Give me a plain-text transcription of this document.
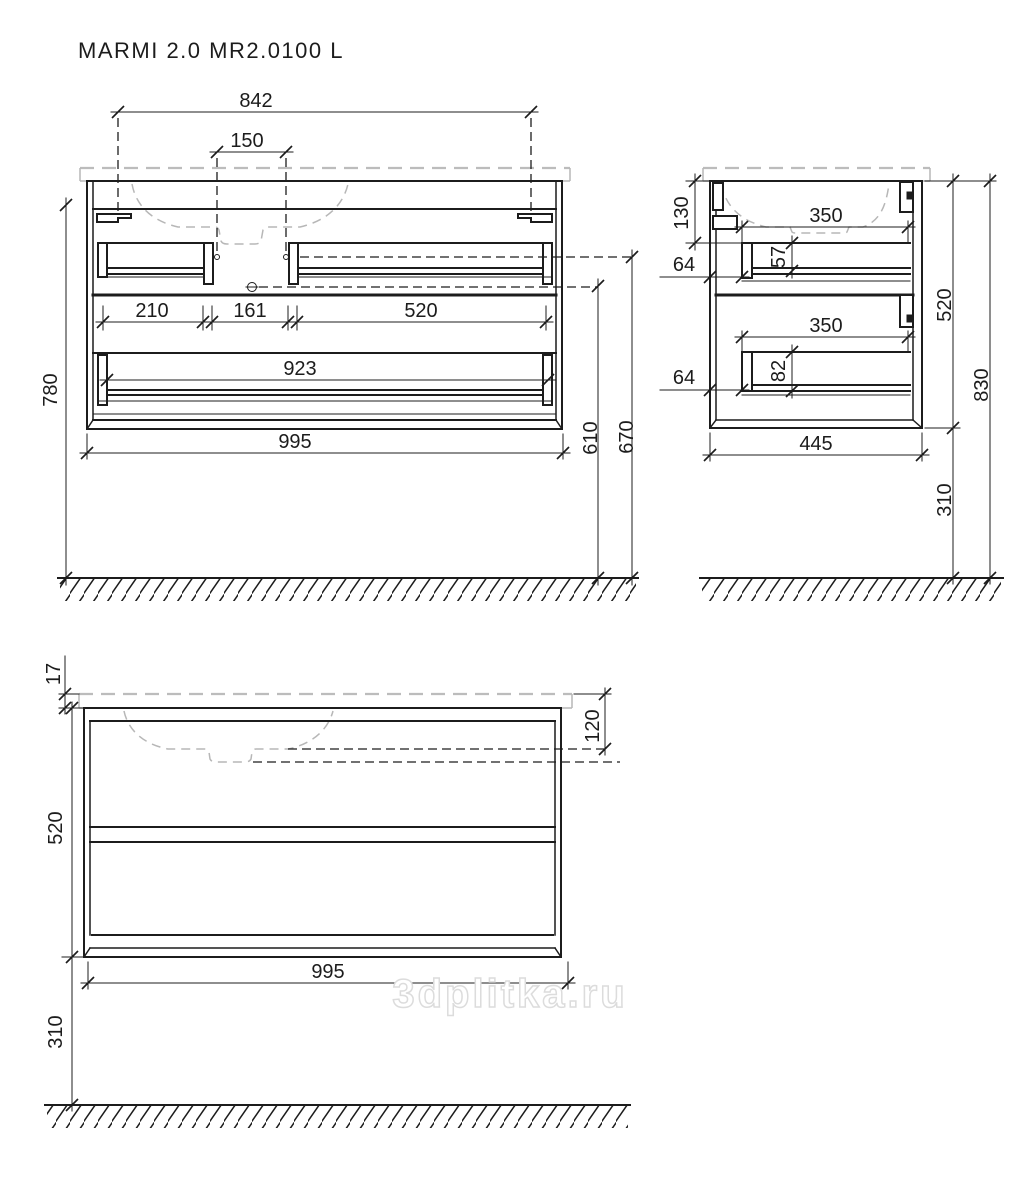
MARMI 2.0 MR2.0100 L
842
150
210	161	520
923
995
780
610 670
130	350
57
64
350
82
64
445
520
830
310
17
120
520
995
310
3dplitka.ru
